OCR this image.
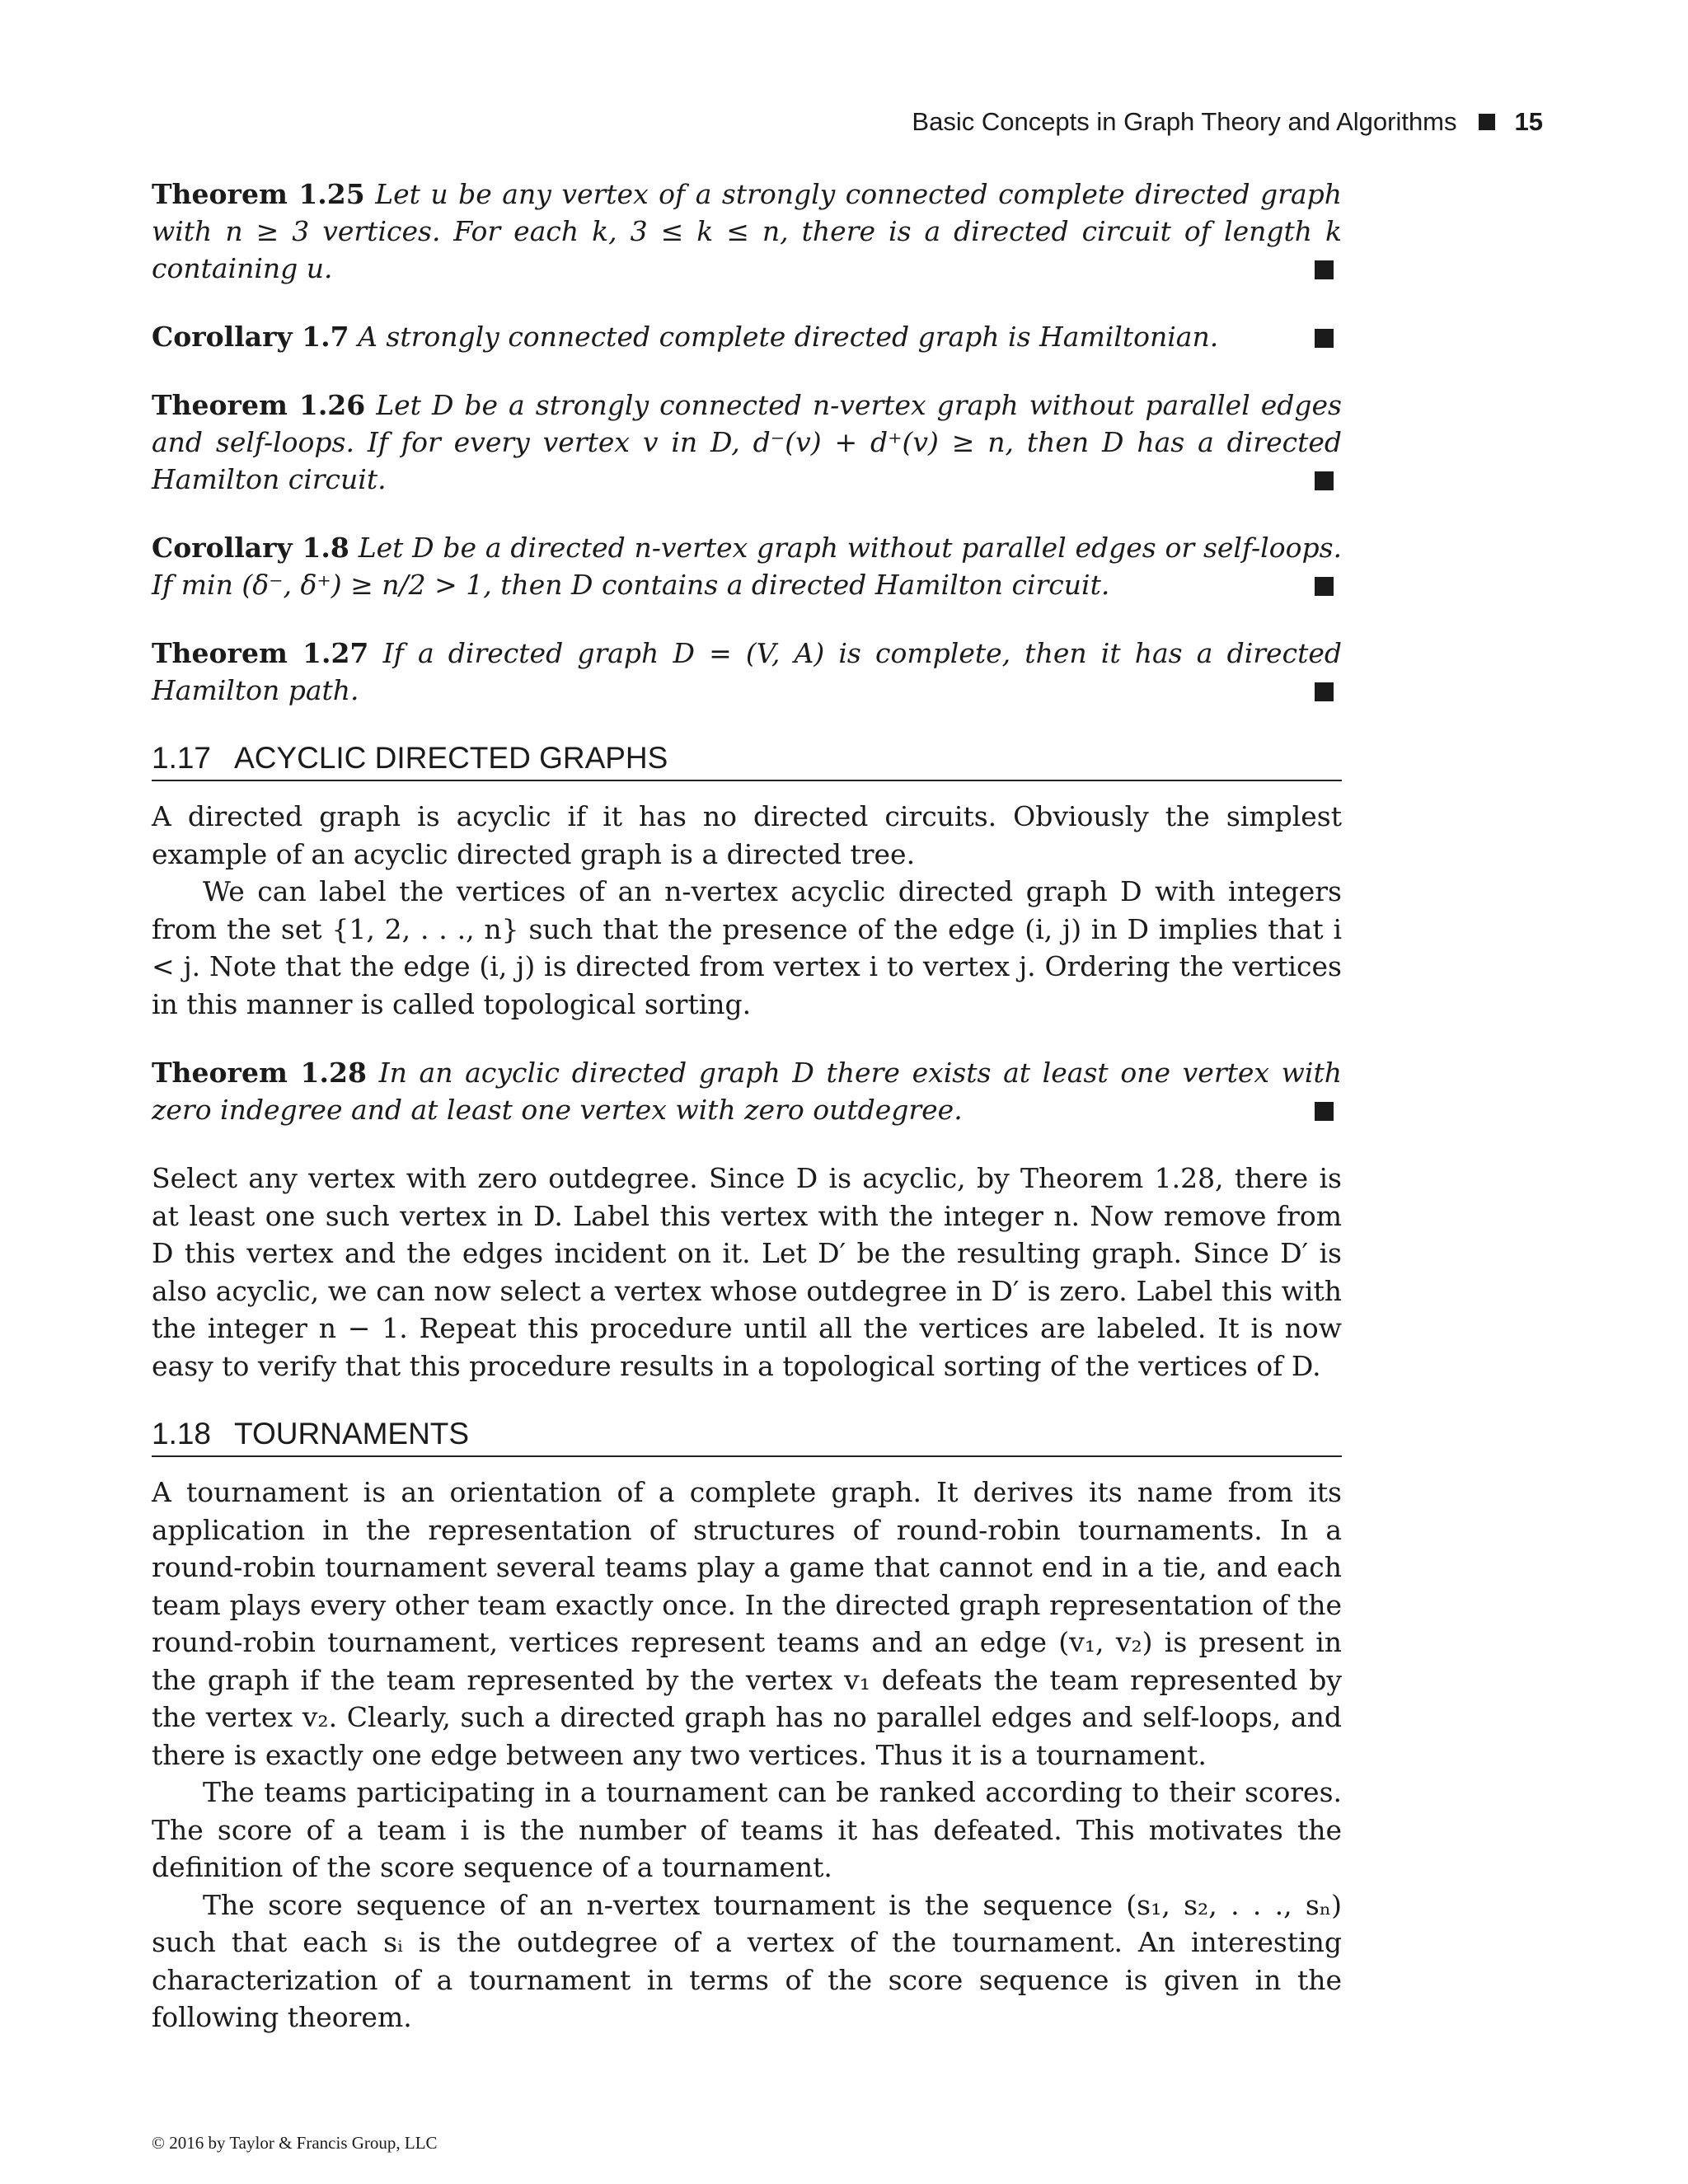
Basic Concepts in Graph Theory and Algorithms 15
Theorem 1.25 Let u be any vertex of a strongly connected complete directed graph with n ≥ 3 vertices. For each k, 3 ≤ k ≤ n, there is a directed circuit of length k containing u.
Corollary 1.7 A strongly connected complete directed graph is Hamiltonian.
Theorem 1.26 Let D be a strongly connected n-vertex graph without parallel edges and self-loops. If for every vertex v in D, d⁻(v) + d⁺(v) ≥ n, then D has a directed Hamilton circuit.
Corollary 1.8 Let D be a directed n-vertex graph without parallel edges or self-loops. If min (δ⁻, δ⁺) ≥ n/2 > 1, then D contains a directed Hamilton circuit.
Theorem 1.27 If a directed graph D = (V, A) is complete, then it has a directed Hamilton path.
1.17 ACYCLIC DIRECTED GRAPHS

A directed graph is acyclic if it has no directed circuits. Obviously the simplest example of an acyclic directed graph is a directed tree.

We can label the vertices of an n-vertex acyclic directed graph D with integers from the set {1, 2, . . ., n} such that the presence of the edge (i, j) in D implies that i < j. Note that the edge (i, j) is directed from vertex i to vertex j. Ordering the vertices in this manner is called topological sorting.

Theorem 1.28 In an acyclic directed graph D there exists at least one vertex with zero indegree and at least one vertex with zero outdegree.

Select any vertex with zero outdegree. Since D is acyclic, by Theorem 1.28, there is at least one such vertex in D. Label this vertex with the integer n. Now remove from D this vertex and the edges incident on it. Let D′ be the resulting graph. Since D′ is also acyclic, we can now select a vertex whose outdegree in D′ is zero. Label this with the integer n − 1. Repeat this procedure until all the vertices are labeled. It is now easy to verify that this procedure results in a topological sorting of the vertices of D.

1.18 TOURNAMENTS

A tournament is an orientation of a complete graph. It derives its name from its application in the representation of structures of round-robin tournaments. In a round-robin tournament several teams play a game that cannot end in a tie, and each team plays every other team exactly once. In the directed graph representation of the round-robin tournament, vertices represent teams and an edge (v₁, v₂) is present in the graph if the team represented by the vertex v₁ defeats the team represented by the vertex v₂. Clearly, such a directed graph has no parallel edges and self-loops, and there is exactly one edge between any two vertices. Thus it is a tournament.

The teams participating in a tournament can be ranked according to their scores. The score of a team i is the number of teams it has defeated. This motivates the definition of the score sequence of a tournament.

The score sequence of an n-vertex tournament is the sequence (s₁, s₂, . . ., sₙ) such that each sᵢ is the outdegree of a vertex of the tournament. An interesting characterization of a tournament in terms of the score sequence is given in the following theorem.

© 2016 by Taylor & Francis Group, LLC
